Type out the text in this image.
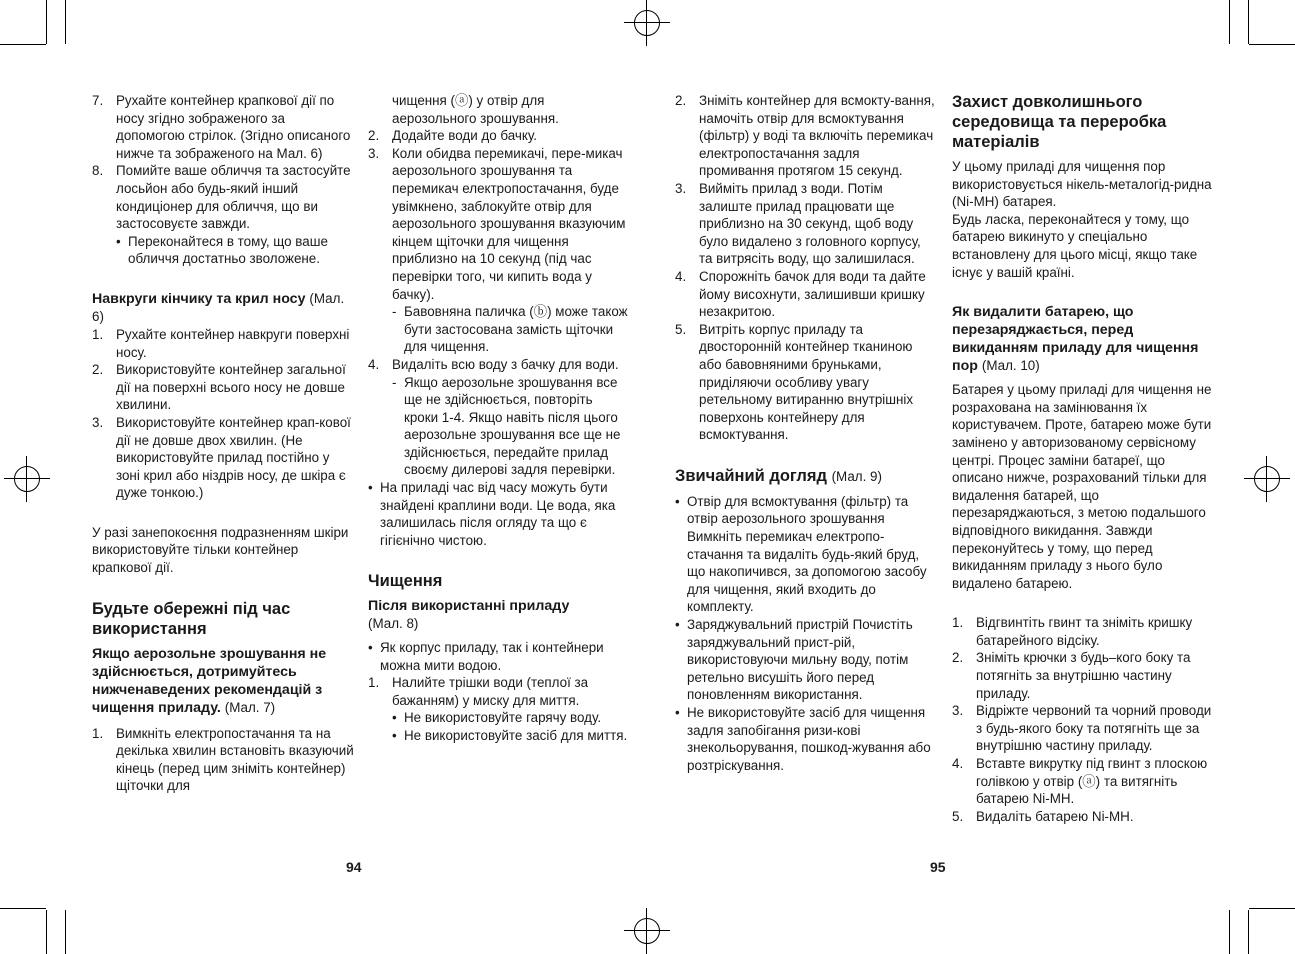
7. Рухайте контейнер крапкової дії по носу згідно зображеного за допомогою стрілок. (Згідно описаного нижче та зображеного на Мал. 6)
8. Помийте ваше обличчя та застосуйте лосьйон або будь-який інший кондиціонер для обличчя, що ви застосовуєте завжди.
• Переконайтеся в тому, що ваше обличчя достатньо зволожене.

Навкруги кінчику та крил носу (Мал. 6)

1. Рухайте контейнер навкруги поверхні носу.
2. Використовуйте контейнер загальної дії на поверхні всього носу не довше хвилини.
3. Використовуйте контейнер крап-кової дії не довше двох хвилин. (Не використовуйте прилад постійно у зоні крил або ніздрів носу, де шкіра є дуже тонкою.)

У разі занепокоєння подразненням шкіри використовуйте тільки контейнер крапкової дії.

Будьте обережні під час використання

Якщо аерозольне зрошування не здійснюється, дотримуйтесь нижченаведених рекомендацій з чищення приладу. (Мал. 7)

1. Вимкніть електропостачання та на декілька хвилин встановіть вказуючий кінець (перед цим зніміть контейнер) щіточки для
чищення (ⓐ) у отвір для аерозольного зрошування.
2. Додайте води до бачку.
3. Коли обидва перемикачі, пере-микач аерозольного зрошування та перемикач електропостачання, буде увімкнено, заблокуйте отвір для аерозольного зрошування вказуючим кінцем щіточки для чищення приблизно на 10 секунд (під час перевірки того, чи кипить вода у бачку).
- Бавовняна паличка (ⓑ) може також бути застосована замість щіточки для чищення.
4. Видаліть всю воду з бачку для води.
- Якщо аерозольне зрошування все ще не здійснюється, повторіть кроки 1-4. Якщо навіть після цього аерозольне зрошування все ще не здійснюється, передайте прилад своєму дилерові задля перевірки.
• На приладі час від часу можуть бути знайдені краплини води. Це вода, яка залишилась після огляду та що є гігієнічно чистою.

Чищення

Після використанні приладу

(Мал. 8)

• Як корпус приладу, так і контейнери можна мити водою.
1. Налийте трішки води (теплої за бажанням) у миску для миття.
• Не використовуйте гарячу воду.
• Не використовуйте засіб для миття.
2. Зніміть контейнер для всмокту-вання, намочіть отвір для всмоктування (фільтр) у воді та включіть перемикач електропостачання задля промивання протягом 15 секунд.
3. Вийміть прилад з води. Потім залиште прилад працювати ще приблизно на 30 секунд, щоб воду було видалено з головного корпусу, та витрясіть воду, що залишилася.
4. Спорожніть бачок для води та дайте йому висохнути, залишивши кришку незакритою.
5. Витріть корпус приладу та двосторонній контейнер тканиною або бавовняними бруньками, приділяючи особливу увагу ретельному витиранню внутрішніх поверхонь контейнеру для всмоктування.

Звичайний догляд (Мал. 9)

• Отвір для всмоктування (фільтр) та отвір аерозольного зрошування Вимкніть перемикач електропо-стачання та видаліть будь-який бруд, що накопичився, за допомогою засобу для чищення, який входить до комплекту.
• Заряджувальний пристрій Почистіть заряджувальний прист-рій, використовуючи мильну воду, потім ретельно висушіть його перед поновленням використання.
• Не використовуйте засіб для чищення задля запобігання ризи-кові знекольорування, пошкод-жування або розтріскування.

Захист довколишнього середовища та переробка матеріалів

У цьому приладі для чищення пор використовується нікель-металогід-ридна (Ni-MH) батарея.

Будь ласка, переконайтеся у тому, що батарею викинуто у спеціально встановлену для цього місці, якщо таке існує у вашій країні.

Як видалити батарею, що перезаряджається, перед викиданням приладу для чищення пор (Мал. 10)

Батарея у цьому приладі для чищення не розрахована на замінювання їх користувачем. Проте, батарею може бути замінено у авторизованому сервісному центрі. Процес заміни батареї, що описано нижче, розрахований тільки для видалення батарей, що перезаряджаються, з метою подальшого відповідного викидання. Завжди переконуйтесь у тому, що перед викиданням приладу з нього було видалено батарею.

1. Відгвинтіть гвинт та зніміть кришку батарейного відсіку.
2. Зніміть крючки з будь–кого боку та потягніть за внутрішню частину приладу.
3. Відріжте червоний та чорний проводи з будь-якого боку та потягніть ще за внутрішню частину приладу.
4. Вставте викрутку під гвинт з плоскою голівкою у отвір (ⓐ) та витягніть батарею Ni-MH.
5. Видаліть батарею Ni-MH.
94	95
